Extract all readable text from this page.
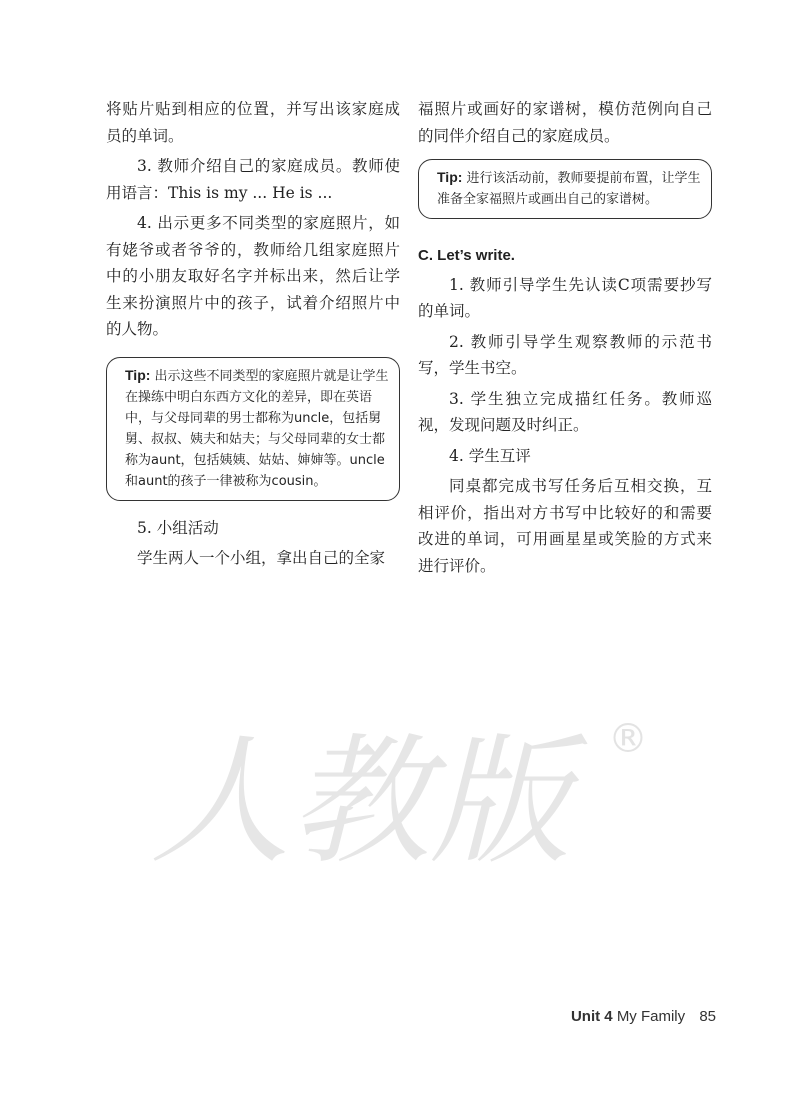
将贴片贴到相应的位置，并写出该家庭成员的单词。

3. 教师介绍自己的家庭成员。教师使用语言：This is my ... He is ...

4. 出示更多不同类型的家庭照片，如有姥爷或者爷爷的，教师给几组家庭照片中的小朋友取好名字并标出来，然后让学生来扮演照片中的孩子，试着介绍照片中的人物。

Tip: 出示这些不同类型的家庭照片就是让学生在操练中明白东西方文化的差异，即在英语中，与父母同辈的男士都称为uncle，包括舅舅、叔叔、姨夫和姑夫；与父母同辈的女士都称为aunt，包括姨姨、姑姑、婶婶等。uncle和aunt的孩子一律被称为cousin。

5. 小组活动

学生两人一个小组，拿出自己的全家

福照片或画好的家谱树，模仿范例向自己的同伴介绍自己的家庭成员。

Tip: 进行该活动前，教师要提前布置，让学生准备全家福照片或画出自己的家谱树。
C. Let’s write.

1. 教师引导学生先认读C项需要抄写的单词。

2. 教师引导学生观察教师的示范书写，学生书空。

3. 学生独立完成描红任务。教师巡视，发现问题及时纠正。

4. 学生互评

同桌都完成书写任务后互相交换，互相评价，指出对方书写中比较好的和需要改进的单词，可用画星星或笑脸的方式来进行评价。

人教版 ®
Unit 4 My Family 85
